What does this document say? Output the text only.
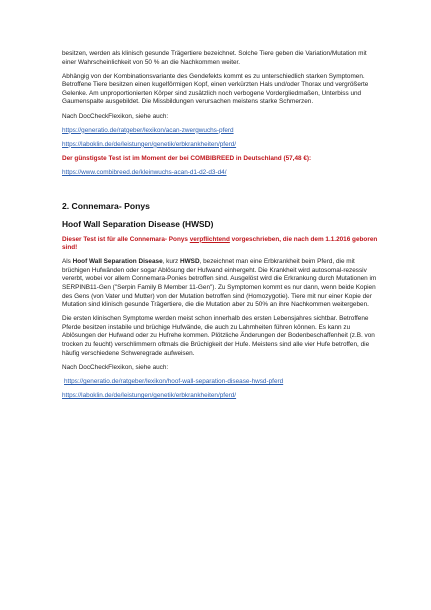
besitzen, werden als klinisch gesunde Trägertiere bezeichnet. Solche Tiere geben die Variation/Mutation mit einer Wahrscheinlichkeit von 50 % an die Nachkommen weiter.

Abhängig von der Kombinationsvariante des Gendefekts kommt es zu unterschiedlich starken Symptomen. Betroffene Tiere besitzen einen kugelförmigen Kopf, einen verkürzten Hals und/oder Thorax und vergrößerte Gelenke. Am unproportionierten Körper sind zusätzlich noch verbogene Vordergliedmaßen, Unterbiss und Gaumenspalte ausgebildet. Die Missbildungen verursachen meistens starke Schmerzen.

Nach DocCheckFlexikon, siehe auch:

https://generatio.de/ratgeber/lexikon/acan-zwergwuchs-pferd

https://laboklin.de/de/leistungen/genetik/erbkrankheiten/pferd/

Der günstigste Test ist im Moment der bei COMBIBREED in Deutschland (57,48 €):

https://www.combibreed.de/kleinwuchs-acan-d1-d2-d3-d4/

2. Connemara- Ponys
Hoof Wall Separation Disease (HWSD)

Dieser Test ist für alle Connemara- Ponys verpflichtend vorgeschrieben, die nach dem 1.1.2016 geboren sind!

Als Hoof Wall Separation Disease, kurz HWSD, bezeichnet man eine Erbkrankheit beim Pferd, die mit brüchigen Hufwänden oder sogar Ablösung der Hufwand einhergeht. Die Krankheit wird autosomal-rezessiv vererbt, wobei vor allem Connemara-Ponies betroffen sind. Ausgelöst wird die Erkrankung durch Mutationen im SERPINB11-Gen ("Serpin Family B Member 11-Gen"). Zu Symptomen kommt es nur dann, wenn beide Kopien des Gens (von Vater und Mutter) von der Mutation betroffen sind (Homozygotie). Tiere mit nur einer Kopie der Mutation sind klinisch gesunde Trägertiere, die die Mutation aber zu 50% an ihre Nachkommen weitergeben.

Die ersten klinischen Symptome werden meist schon innerhalb des ersten Lebensjahres sichtbar. Betroffene Pferde besitzen instabile und brüchige Hufwände, die auch zu Lahmheiten führen können. Es kann zu Ablösungen der Hufwand oder zu Hufrehe kommen. Plötzliche Änderungen der Bodenbeschaffenheit (z.B. von trocken zu feucht) verschlimmern oftmals die Brüchigkeit der Hufe. Meistens sind alle vier Hufe betroffen, die häufig verschiedene Schweregrade aufweisen.

Nach DocCheckFlexikon, siehe auch:

https://generatio.de/ratgeber/lexikon/hoof-wall-separation-disease-hwsd-pferd

https://laboklin.de/de/leistungen/genetik/erbkrankheiten/pferd/
